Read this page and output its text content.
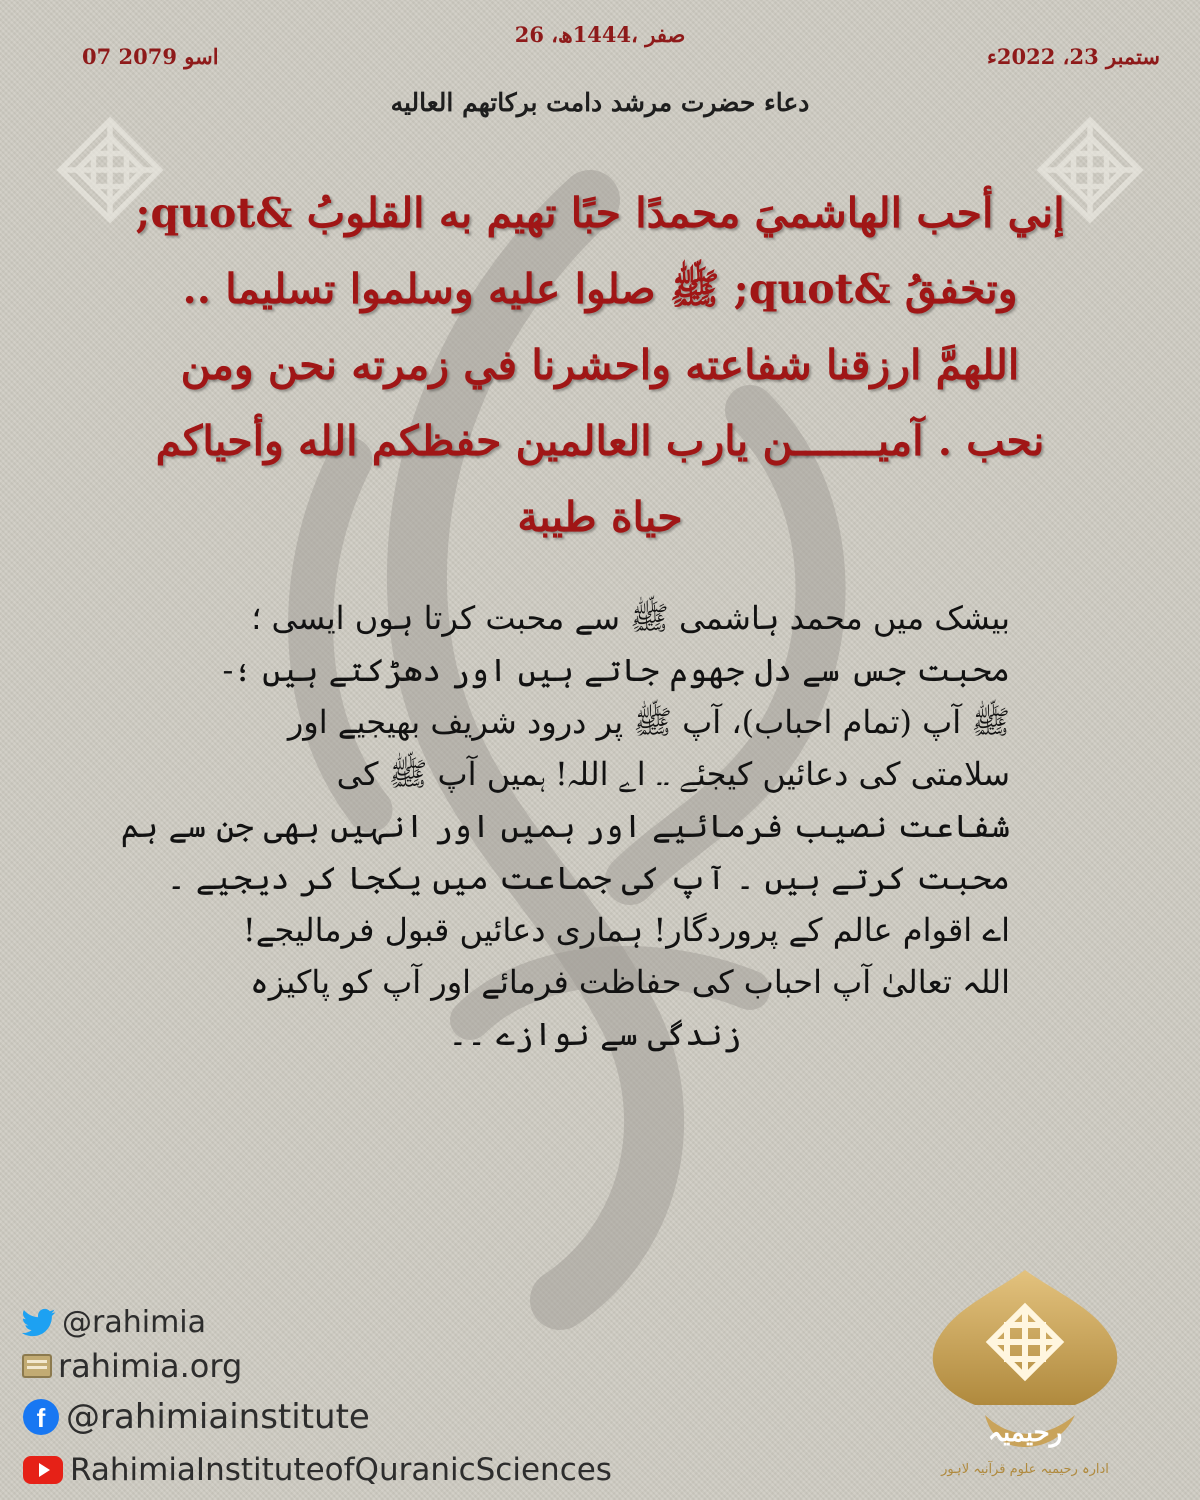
26 ،صفر ،1444ھ
ستمبر 23، 2022ء
07 اسو 2079
دعاء حضرت مرشد دامت برکاتهم العاليه
إني أحب الهاشميَ محمدًا حبًا تهيم به القلوبُ &quot;
وتخفقُ &quot; ﷺ صلوا عليه وسلموا تسليما ..
اللهمَّ ارزقنا شفاعته واحشرنا في زمرته نحن ومن
نحب . آميـــــــن يارب العالمين حفظكم الله وأحياكم
حياة طيبة
بیشک میں محمد ہاشمی ﷺ سے محبت کرتا ہوں ایسی ؛
محبت جس سے دل جھوم جاتے ہیں اور دھڑکتے ہیں ؛-
ﷺ آپ (تمام احباب)، آپ ﷺ پر درود شریف بھیجیے اور
سلامتی کی دعائیں کیجئے ۔۔ اے اللہ! ہمیں آپ ﷺ کی
شفاعت نصیب فرمائیے اور ہمیں اور انہیں بھی جن سے ہم
محبت کرتے ہیں ۔ آپ کی جماعت میں یکجا کر دیجیے ۔
اے اقوام عالم کے پروردگار! ہماری دعائیں قبول فرمالیجے!
اللہ تعالیٰ آپ احباب کی حفاظت فرمائے اور آپ کو پاکیزہ
زندگی سے نوازے ۔۔
@rahimia
rahimia.org
f @rahimiainstitute
RahimiaInstituteofQuranicSciences
رحیمیہ
ادارہ رحیمیہ علوم قرآنیہ لاہور
